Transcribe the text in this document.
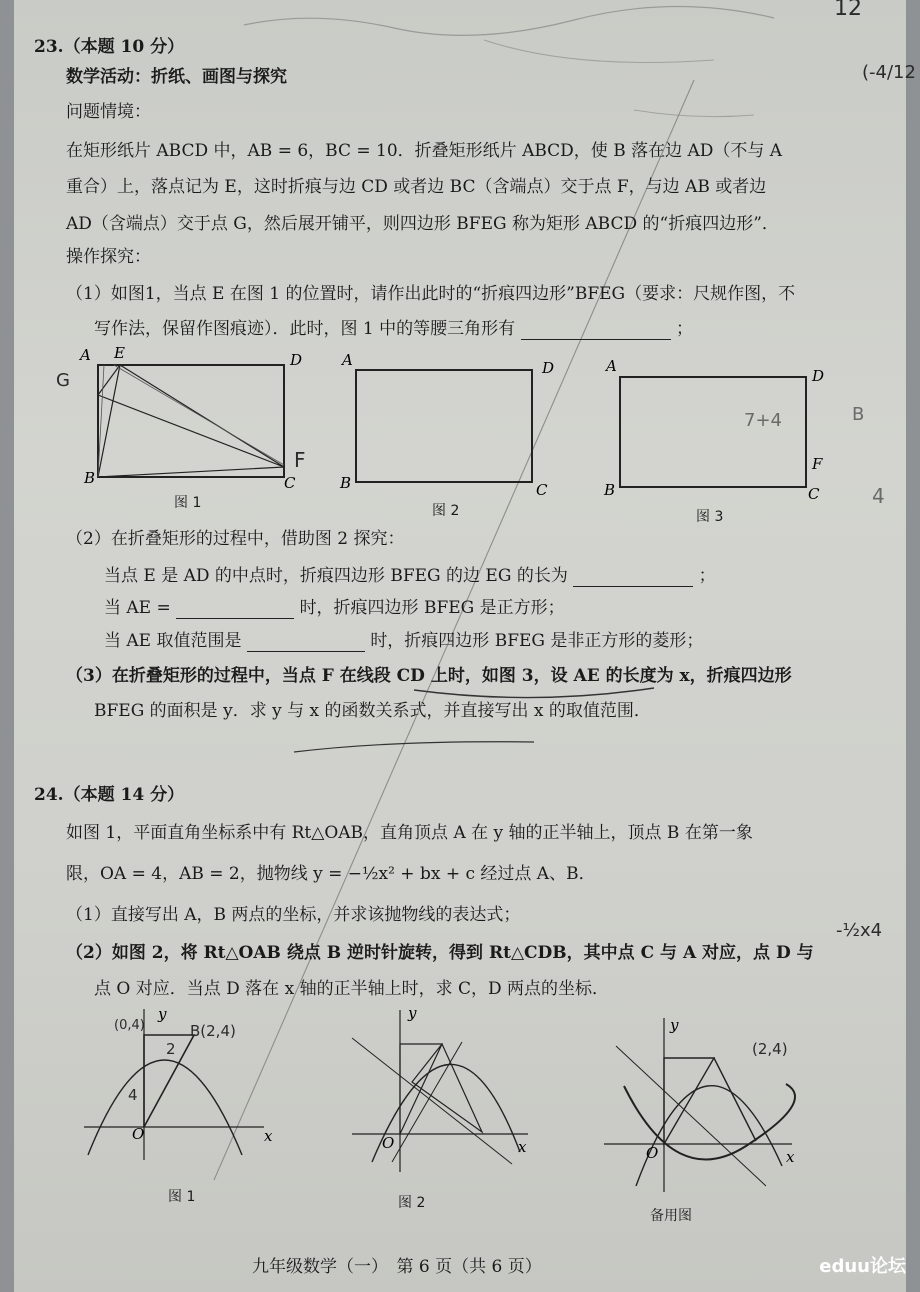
12
(-4/12
23.（本题 10 分）
数学活动：折纸、画图与探究
问题情境：
在矩形纸片 ABCD 中，AB = 6，BC = 10．折叠矩形纸片 ABCD，使 B 落在边 AD（不与 A
重合）上，落点记为 E，这时折痕与边 CD 或者边 BC（含端点）交于点 F，与边 AB 或者边
AD（含端点）交于点 G，然后展开铺平，则四边形 BFEG 称为矩形 ABCD 的“折痕四边形”．
操作探究：
（1）如图1，当点 E 在图 1 的位置时，请作出此时的“折痕四边形”BFEG（要求：尺规作图，不
写作法，保留作图痕迹）．此时，图 1 中的等腰三角形有	；
A E	D
B	C
G
F
图 1
A	D
B	C
图 2
A
D
F
B	C
7+4	B
4
图 3
（2）在折叠矩形的过程中，借助图 2 探究：
当点 E 是 AD 的中点时，折痕四边形 BFEG 的边 EG 的长为	；
当 AE =	时，折痕四边形 BFEG 是正方形；
当 AE 取值范围是	时，折痕四边形 BFEG 是非正方形的菱形；
（3）在折叠矩形的过程中，当点 F 在线段 CD 上时，如图 3，设 AE 的长度为 x，折痕四边形
BFEG 的面积是 y．求 y 与 x 的函数关系式，并直接写出 x 的取值范围．
24.（本题 14 分）
如图 1，平面直角坐标系中有 Rt△OAB，直角顶点 A 在 y 轴的正半轴上，顶点 B 在第一象
限，OA = 4，AB = 2，抛物线 y = −½x² + bx + c 经过点 A、B．
（1）直接写出 A，B 两点的坐标，并求该抛物线的表达式；
（2）如图 2，将 Rt△OAB 绕点 B 逆时针旋转，得到 Rt△CDB，其中点 C 与 A 对应，点 D 与
点 O 对应．当点 D 落在 x 轴的正半轴上时，求 C，D 两点的坐标．
-½x4
y
x
O
B(2,4)
(0,4)
2
4
图 1
y
x
O
图 2
y
x
O
(2,4)
备用图
九年级数学（一）　第 6 页（共 6 页）	eduu论坛
